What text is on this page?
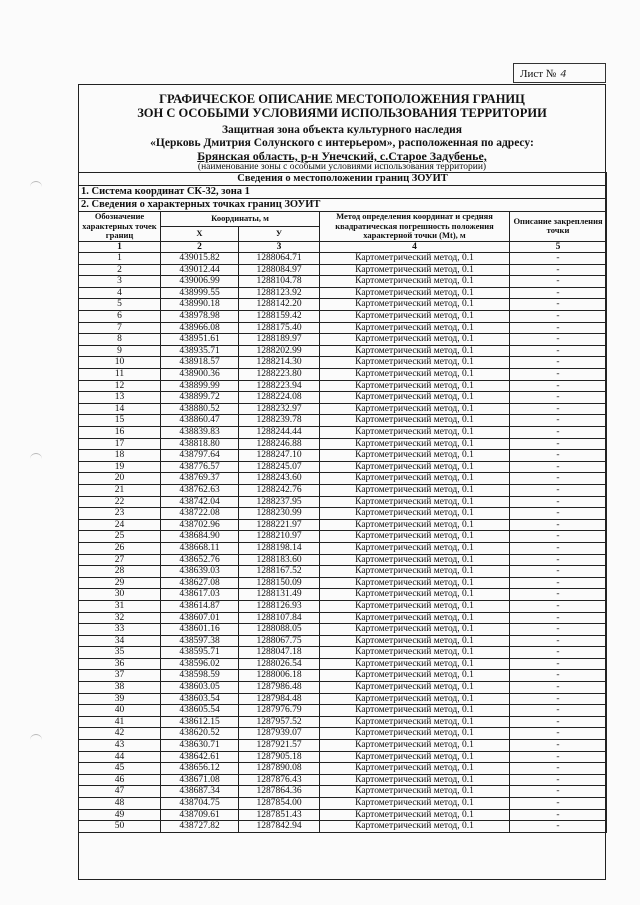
Лист № 4
ГРАФИЧЕСКОЕ ОПИСАНИЕ МЕСТОПОЛОЖЕНИЯ ГРАНИЦ
ЗОН С ОСОБЫМИ УСЛОВИЯМИ ИСПОЛЬЗОВАНИЯ ТЕРРИТОРИИ
Защитная зона объекта культурного наследия
«Церковь Дмитрия Солунского с интерьером», расположенная по адресу:
Брянская область, р-н Унечский, с.Старое Задубенье,
(наименование зоны с особыми условиями использования территории)
Сведения о местоположении границ ЗОУИТ				
1. Система координат СК-32, зона 1				
2. Сведения о характерных точках границ ЗОУИТ				
Обозначение характерных точек границ	Координаты, м		Метод определения координат и средняя квадратическая погрешность положения характерной точки (Mt), м	Описание закрепления точки
	X	У		
1	2	3	4	5
1	439015.82	1288064.71	Картометрический метод, 0.1	-
2	439012.44	1288084.97	Картометрический метод, 0.1	-
3	439006.99	1288104.78	Картометрический метод, 0.1	-
4	438999.55	1288123.92	Картометрический метод, 0.1	-
5	438990.18	1288142.20	Картометрический метод, 0.1	-
6	438978.98	1288159.42	Картометрический метод, 0.1	-
7	438966.08	1288175.40	Картометрический метод, 0.1	-
8	438951.61	1288189.97	Картометрический метод, 0.1	-
9	438935.71	1288202.99	Картометрический метод, 0.1	-
10	438918.57	1288214.30	Картометрический метод, 0.1	-
11	438900.36	1288223.80	Картометрический метод, 0.1	-
12	438899.99	1288223.94	Картометрический метод, 0.1	-
13	438899.72	1288224.08	Картометрический метод, 0.1	-
14	438880.52	1288232.97	Картометрический метод, 0.1	-
15	438860.47	1288239.78	Картометрический метод, 0.1	-
16	438839.83	1288244.44	Картометрический метод, 0.1	-
17	438818.80	1288246.88	Картометрический метод, 0.1	-
18	438797.64	1288247.10	Картометрический метод, 0.1	-
19	438776.57	1288245.07	Картометрический метод, 0.1	-
20	438769.37	1288243.60	Картометрический метод, 0.1	-
21	438762.63	1288242.76	Картометрический метод, 0.1	-
22	438742.04	1288237.95	Картометрический метод, 0.1	-
23	438722.08	1288230.99	Картометрический метод, 0.1	-
24	438702.96	1288221.97	Картометрический метод, 0.1	-
25	438684.90	1288210.97	Картометрический метод, 0.1	-
26	438668.11	1288198.14	Картометрический метод, 0.1	-
27	438652.76	1288183.60	Картометрический метод, 0.1	-
28	438639.03	1288167.52	Картометрический метод, 0.1	-
29	438627.08	1288150.09	Картометрический метод, 0.1	-
30	438617.03	1288131.49	Картометрический метод, 0.1	-
31	438614.87	1288126.93	Картометрический метод, 0.1	-
32	438607.01	1288107.84	Картометрический метод, 0.1	-
33	438601.16	1288088.05	Картометрический метод, 0.1	-
34	438597.38	1288067.75	Картометрический метод, 0.1	-
35	438595.71	1288047.18	Картометрический метод, 0.1	-
36	438596.02	1288026.54	Картометрический метод, 0.1	-
37	438598.59	1288006.18	Картометрический метод, 0.1	-
38	438603.05	1287986.48	Картометрический метод, 0.1	-
39	438603.54	1287984.48	Картометрический метод, 0.1	-
40	438605.54	1287976.79	Картометрический метод, 0.1	-
41	438612.15	1287957.52	Картометрический метод, 0.1	-
42	438620.52	1287939.07	Картометрический метод, 0.1	-
43	438630.71	1287921.57	Картометрический метод, 0.1	-
44	438642.61	1287905.18	Картометрический метод, 0.1	-
45	438656.12	1287890.08	Картометрический метод, 0.1	-
46	438671.08	1287876.43	Картометрический метод, 0.1	-
47	438687.34	1287864.36	Картометрический метод, 0.1	-
48	438704.75	1287854.00	Картометрический метод, 0.1	-
49	438709.61	1287851.43	Картометрический метод, 0.1	-
50	438727.82	1287842.94	Картометрический метод, 0.1	-
